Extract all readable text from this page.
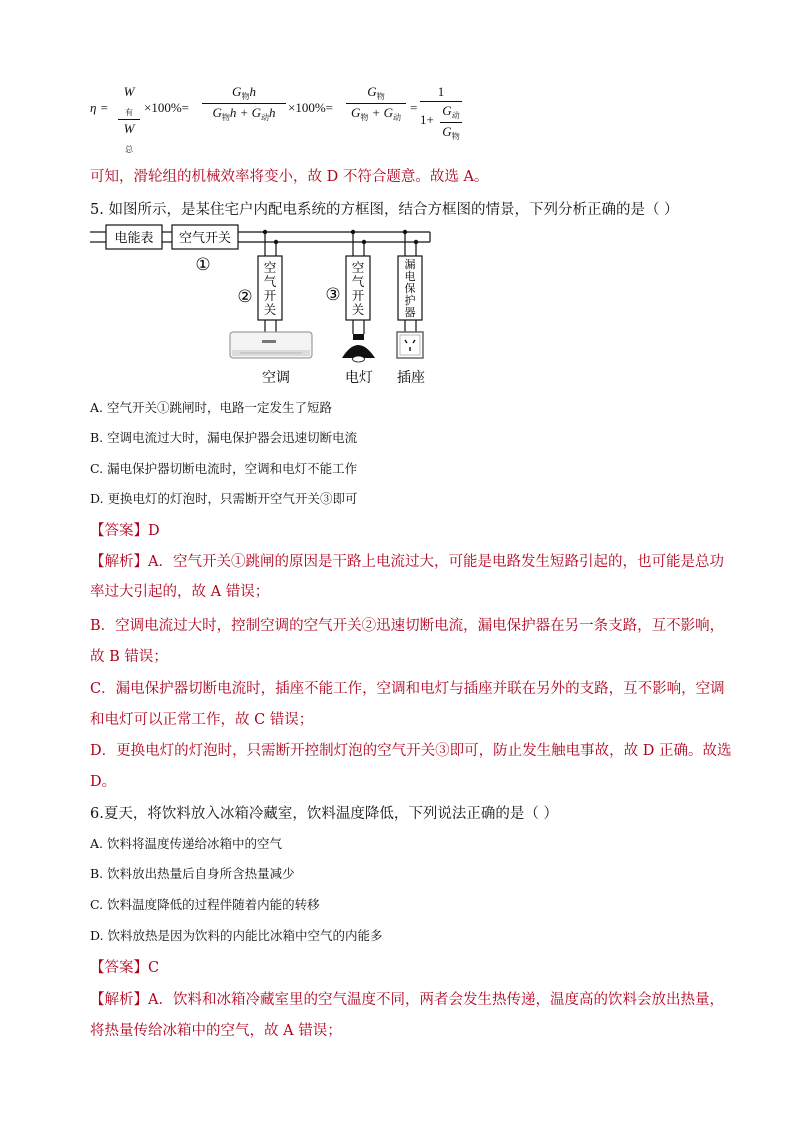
η =
$W_有$
$W_总$
×100%=
$G_物h$
$G_物h + G_动h \times 100\%=$
$G_物$
$G_物 + G_动$
=
1
1+
$G_动$
$G_物$
可知，滑轮组的机械效率将变小，故 D 不符合题意。故选 A。
5. 如图所示，是某住宅户内配电系统的方框图，结合方框图的情景，下列分析正确的是（ ）
电能表 空气开关
①
②	③
空
气
开
关
空
气
开
关
漏
电
保
护
器
空调	电灯 插座
A. 空气开关①跳闸时，电路一定发生了短路
B. 空调电流过大时，漏电保护器会迅速切断电流
C. 漏电保护器切断电流时，空调和电灯不能工作
D. 更换电灯的灯泡时，只需断开空气开关③即可
【答案】D
【解析】A．空气开关①跳闸的原因是干路上电流过大，可能是电路发生短路引起的，也可能是总功
率过大引起的，故 A 错误；
B．空调电流过大时，控制空调的空气开关②迅速切断电流，漏电保护器在另一条支路，互不影响，
故 B 错误；
C．漏电保护器切断电流时，插座不能工作，空调和电灯与插座并联在另外的支路，互不影响，空调
和电灯可以正常工作，故 C 错误；
D．更换电灯的灯泡时，只需断开控制灯泡的空气开关③即可，防止发生触电事故，故 D 正确。故选
D。
6.夏天，将饮料放入冰箱冷藏室，饮料温度降低，下列说法正确的是（ ）
A. 饮料将温度传递给冰箱中的空气
B. 饮料放出热量后自身所含热量减少
C. 饮料温度降低的过程伴随着内能的转移
D. 饮料放热是因为饮料的内能比冰箱中空气的内能多
【答案】C
【解析】A．饮料和冰箱冷藏室里的空气温度不同，两者会发生热传递，温度高的饮料会放出热量，
将热量传给冰箱中的空气，故 A 错误；
